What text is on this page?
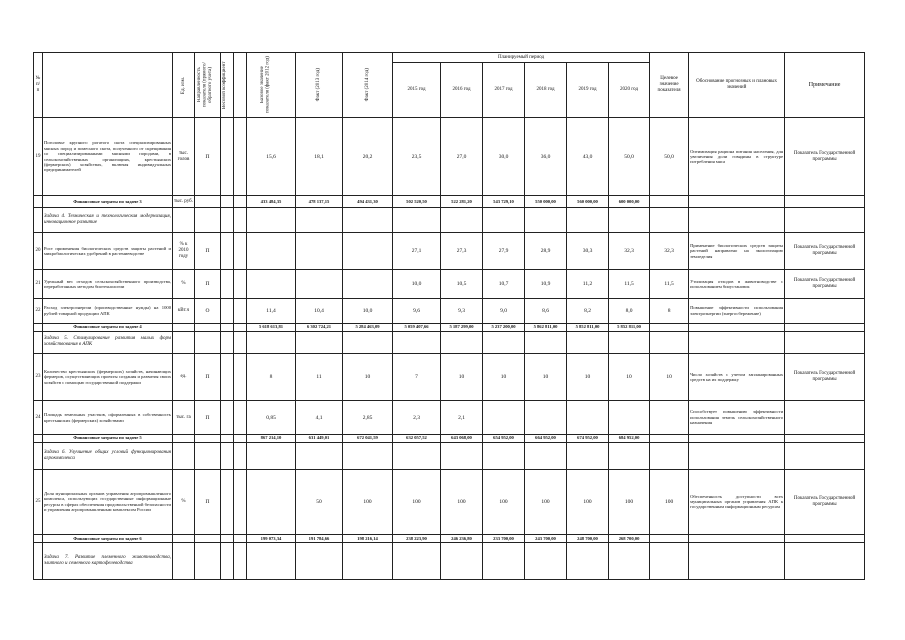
№ п/п		Ед. изм.	Направленность показателя (прямого/обратного учета)	Весовой коэффициент		Базовое значение показателя (факт 2012 год)	Факт (2013 год)	Факт (2014 год)	Планируемый период						Целевое значение показателя	Обоснование прогнозных и плановых значений	Примечание
									2015 год	2016 год	2017 год	2018 год	2019 год	2020 год			
19	Поголовье крупного рогатого скота специализированных мясных пород и помесного скота, полученного от скрещивания со специализированными мясными породами, в сельскохозяйственных организациях, крестьянских (фермерских) хозяйствах, включая индивидуальных предпринимателей	тыс. голов	П			15,6	18,1	20,2	23,5	27,0	30,0	36,0	43,0	50,0	50,0	Оптимизация рациона питания населения, для увеличения доли говядины в структуре потребления мяса	Показатель Государственной программы
	Финансовые затраты по задаче 3	тыс. руб.				433 484,35	478 137,15	494 431,30	502 520,50	522 281,20	543 729,10	550 000,00	560 000,00	600 000,00			
	Задача 4. Техническая и технологическая модернизация, инновационное развитие																
20	Рост применения биологических средств защиты растений и микробиологических удобрений в растениеводстве	% к 2010 году	П						27,1	27,3	27,9	28,9	30,3	32,3	32,3	Применение биологических средств защиты растений направлено на экологизацию земледелия	Показатель Государственной программы
21	Удельный вес отходов сельскохозяйственного производства, переработанных методом биотехнологии	%	П						10,0	10,5	10,7	10,9	11,2	11,5	11,5	Утилизация отходов в животноводстве с использованием биоустановок	Показатель Государственной программы
22	Расход электроэнергии (производственные нужды) на 1000 рублей товарной продукции АПК	кВт.ч	О			11,4	10,4	10,0	9,6	9,3	9,0	8,6	8,2	8,0	8	Повышение эффективности использования электроэнергии (энергосбережение)	
	Финансовые затраты по задаче 4					5 618 613,81	6 302 724,21	5 284 463,09	5 059 407,66	5 187 299,00	5 237 200,00	5 862 811,00	5 852 811,00	5 852 811,00			
	Задача 5. Стимулирование развития малых форм хозяйствования в АПК																
23	Количество крестьянских (фермерских) хозяйств, начинающих фермеров, осуществляющих проекты создания и развития своих хозяйств с помощью государственной поддержки	ед.	П			8	11	10	7	10	10	10	10	10	10	Число хозяйств с учетом запланированных средств на их поддержку	Показатель Государственной программы
24	Площадь земельных участков, оформленных в собственность крестьянских (фермерских) хозяйствами	тыс. га	П			0,85	4,1	2,85	2,3	2,1						Способствует повышению эффективности использования земель сельскохозяйственного назначения	
	Финансовые затраты по задаче 5					867 214,10	631 449,01	672 041,59	632 057,52	643 068,00	654 952,00	664 952,00	674 952,00	684 952,00			
	Задача 6. Улучшение общих условий функционирования агрокомплекса																
25	Доля муниципальных органов управления агропромышленного комплекса, использующих государственные информационные ресурсы в сферах обеспечения продовольственной безопасности и управления агропромышленным комплексом России	%	П				50	100	100	100	100	100	100	100	100	Обеспеченность доступности всех муниципальных органов управления АПК к государственным информационным ресурсам	Показатель Государственной программы
	Финансовые затраты по задаче 6					199 073,34	191 784,66	198 216,14	238 223,90	246 236,80	233 700,00	243 700,00	248 700,00	268 700,00			
	Задача 7. Развитие племенного животноводства, элитного и семенного картофелеводства																
